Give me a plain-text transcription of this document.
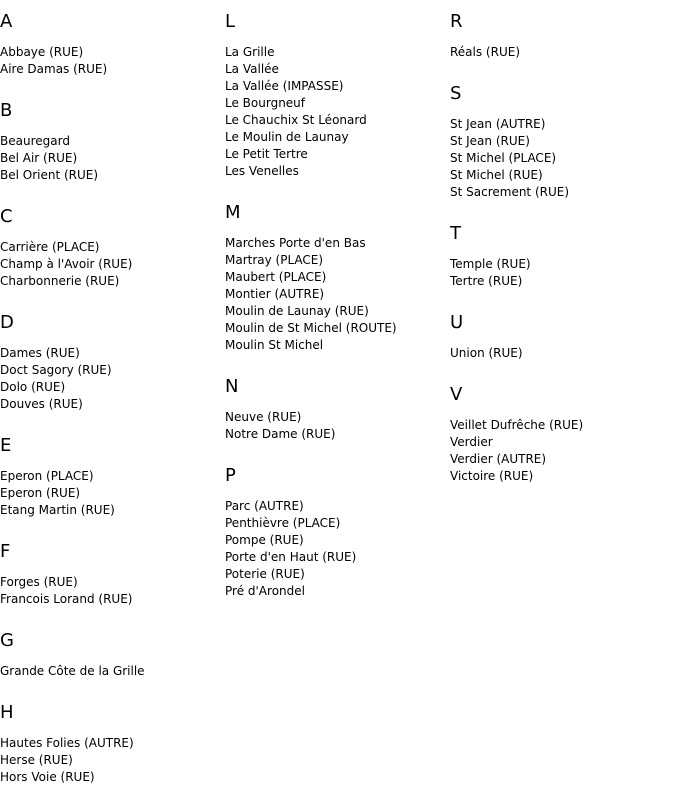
A
Abbaye (RUE)
Aire Damas (RUE)
B
Beauregard
Bel Air (RUE)
Bel Orient (RUE)
C
Carrière (PLACE)
Champ à l'Avoir (RUE)
Charbonnerie (RUE)
D
Dames (RUE)
Doct Sagory (RUE)
Dolo (RUE)
Douves (RUE)
E
Eperon (PLACE)
Eperon (RUE)
Etang Martin (RUE)
F
Forges (RUE)
Francois Lorand (RUE)
G
Grande Côte de la Grille
H
Hautes Folies (AUTRE)
Herse (RUE)
Hors Voie (RUE)
L
La Grille
La Vallée
La Vallée (IMPASSE)
Le Bourgneuf
Le Chauchix St Léonard
Le Moulin de Launay
Le Petit Tertre
Les Venelles
M
Marches Porte d'en Bas
Martray (PLACE)
Maubert (PLACE)
Montier (AUTRE)
Moulin de Launay (RUE)
Moulin de St Michel (ROUTE)
Moulin St Michel
N
Neuve (RUE)
Notre Dame (RUE)
P
Parc (AUTRE)
Penthièvre (PLACE)
Pompe (RUE)
Porte d'en Haut (RUE)
Poterie (RUE)
Pré d'Arondel
R
Réals (RUE)
S
St Jean (AUTRE)
St Jean (RUE)
St Michel (PLACE)
St Michel (RUE)
St Sacrement (RUE)
T
Temple (RUE)
Tertre (RUE)
U
Union (RUE)
V
Veillet Dufrêche (RUE)
Verdier
Verdier (AUTRE)
Victoire (RUE)
